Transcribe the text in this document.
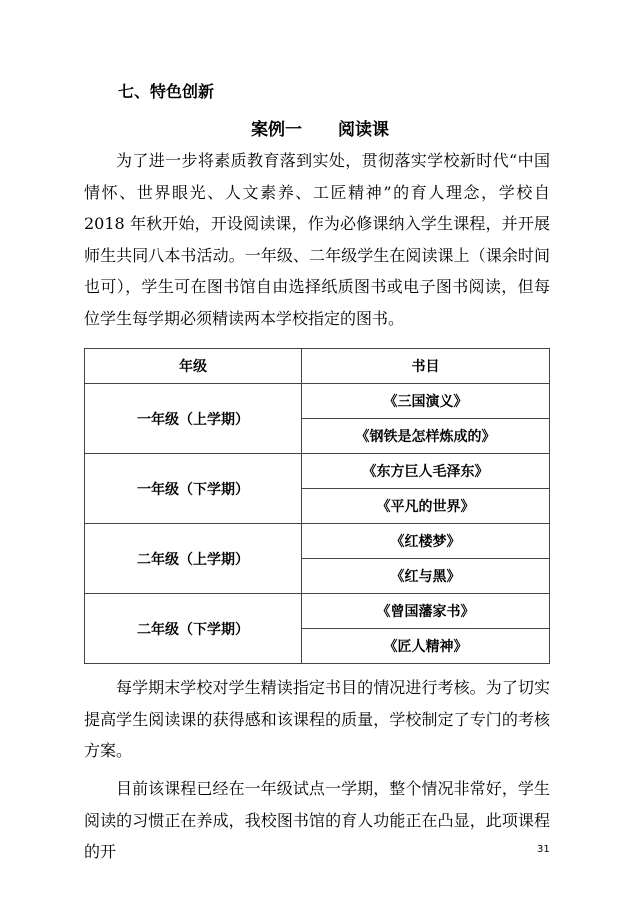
七、特色创新
案例一 阅读课

为了进一步将素质教育落到实处，贯彻落实学校新时代“中国情怀、世界眼光、人文素养、工匠精神”的育人理念，学校自 2018 年秋开始，开设阅读课，作为必修课纳入学生课程，并开展师生共同八本书活动。一年级、二年级学生在阅读课上（课余时间也可），学生可在图书馆自由选择纸质图书或电子图书阅读，但每位学生每学期必须精读两本学校指定的图书。

年级	书目
一年级（上学期）	《三国演义》
	《钢铁是怎样炼成的》
一年级（下学期）	《东方巨人毛泽东》
	《平凡的世界》
二年级（上学期）	《红楼梦》
	《红与黑》
二年级（下学期）	《曾国藩家书》
	《匠人精神》

每学期末学校对学生精读指定书目的情况进行考核。为了切实提高学生阅读课的获得感和该课程的质量，学校制定了专门的考核方案。

目前该课程已经在一年级试点一学期，整个情况非常好，学生阅读的习惯正在养成，我校图书馆的育人功能正在凸显，此项课程的开	31
